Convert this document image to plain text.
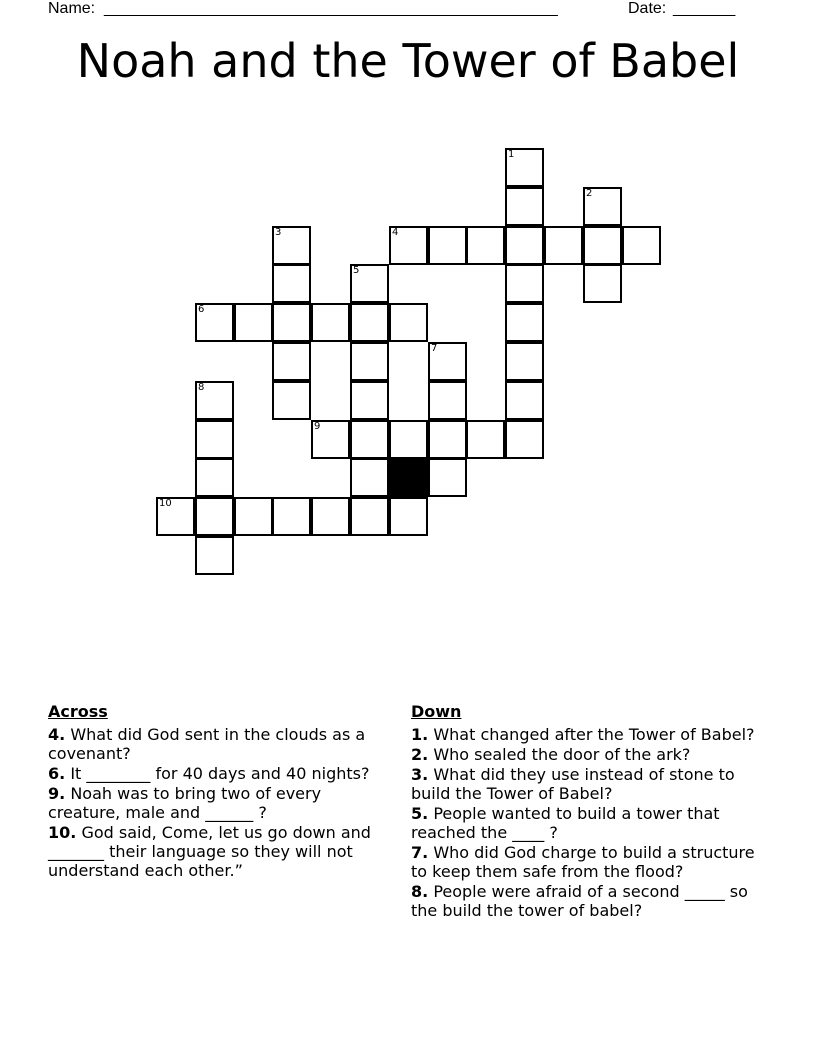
Name: ___________________________________________________	Date: _______
Noah and the Tower of Babel
1
2
3	4
5
6
7
8
9
10
Across
4. What did God sent in the clouds as a covenant?
6. It ________ for 40 days and 40 nights?
9. Noah was to bring two of every creature, male and ______ ?
10. God said, Come, let us go down and _______ their language so they will not understand each other.”
Down
1. What changed after the Tower of Babel?
2. Who sealed the door of the ark?
3. What did they use instead of stone to build the Tower of Babel?
5. People wanted to build a tower that reached the ____ ?
7. Who did God charge to build a structure to keep them safe from the flood?
8. People were afraid of a second _____ so the build the tower of babel?
